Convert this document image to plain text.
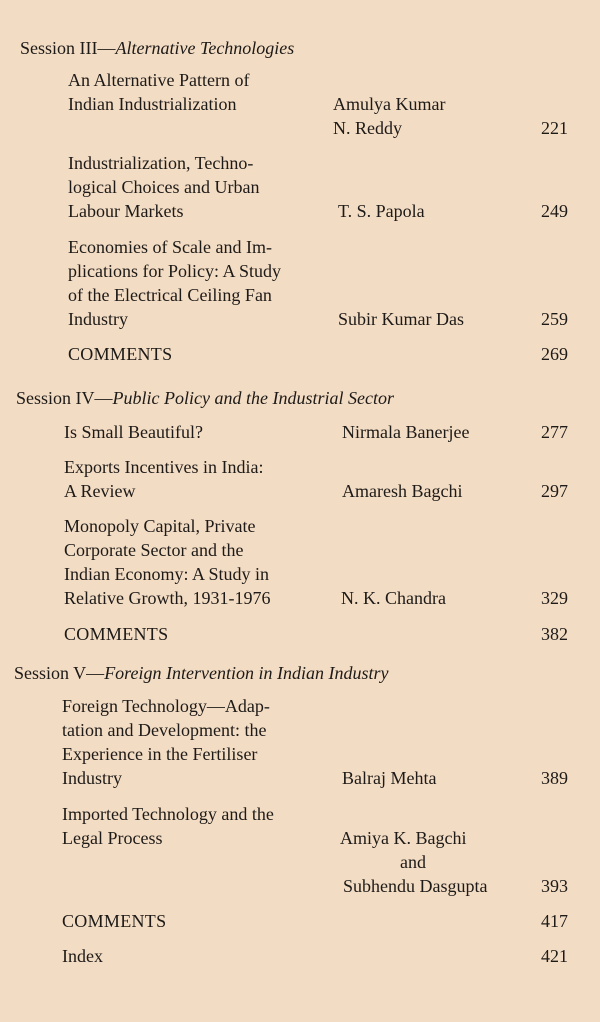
Session III—Alternative Technologies
An Alternative Pattern of
Indian Industrialization	Amulya Kumar
N. Reddy	221
Industrialization, Techno-
logical Choices and Urban
Labour Markets	T. S. Papola	249
Economies of Scale and Im-
plications for Policy: A Study
of the Electrical Ceiling Fan
Industry	Subir Kumar Das	259
COMMENTS	269
Session IV—Public Policy and the Industrial Sector
Is Small Beautiful?	Nirmala Banerjee	277
Exports Incentives in India:
A Review	Amaresh Bagchi	297
Monopoly Capital, Private
Corporate Sector and the
Indian Economy: A Study in
Relative Growth, 1931-1976	N. K. Chandra	329
COMMENTS	382
Session V—Foreign Intervention in Indian Industry
Foreign Technology—Adap-
tation and Development: the
Experience in the Fertiliser
Industry	Balraj Mehta	389
Imported Technology and the
Legal Process	Amiya K. Bagchi
and
Subhendu Dasgupta	393
COMMENTS	417
Index	421
